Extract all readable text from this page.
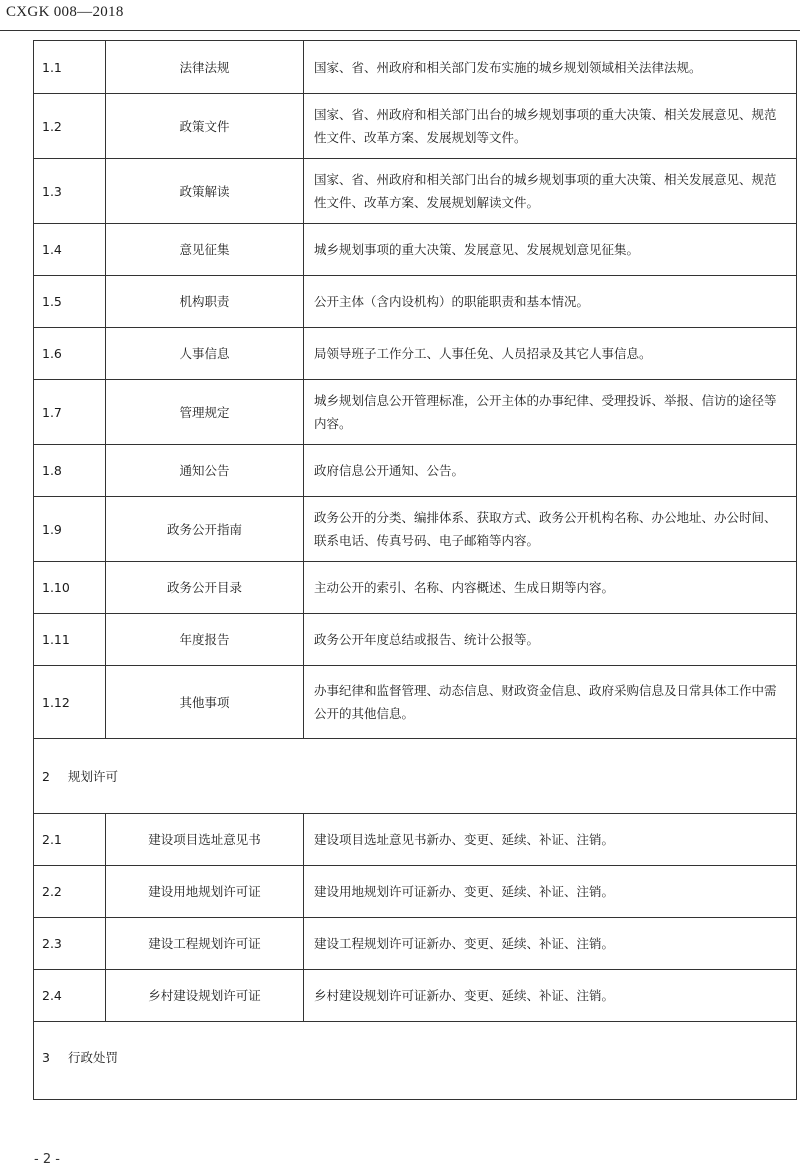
CXGK 008—2018
1.1	法律法规	国家、省、州政府和相关部门发布实施的城乡规划领域相关法律法规。
1.2	政策文件	国家、省、州政府和相关部门出台的城乡规划事项的重大决策、相关发展意见、规范性文件、改革方案、发展规划等文件。
1.3	政策解读	国家、省、州政府和相关部门出台的城乡规划事项的重大决策、相关发展意见、规范性文件、改革方案、发展规划解读文件。
1.4	意见征集	城乡规划事项的重大决策、发展意见、发展规划意见征集。
1.5	机构职责	公开主体（含内设机构）的职能职责和基本情况。
1.6	人事信息	局领导班子工作分工、人事任免、人员招录及其它人事信息。
1.7	管理规定	城乡规划信息公开管理标准，公开主体的办事纪律、受理投诉、举报、信访的途径等内容。
1.8	通知公告	政府信息公开通知、公告。
1.9	政务公开指南	政务公开的分类、编排体系、获取方式、政务公开机构名称、办公地址、办公时间、联系电话、传真号码、电子邮箱等内容。
1.10	政务公开目录	主动公开的索引、名称、内容概述、生成日期等内容。
1.11	年度报告	政务公开年度总结或报告、统计公报等。
1.12	其他事项	办事纪律和监督管理、动态信息、财政资金信息、政府采购信息及日常具体工作中需公开的其他信息。
2 规划许可		
2.1	建设项目选址意见书	建设项目选址意见书新办、变更、延续、补证、注销。
2.2	建设用地规划许可证	建设用地规划许可证新办、变更、延续、补证、注销。
2.3	建设工程规划许可证	建设工程规划许可证新办、变更、延续、补证、注销。
2.4	乡村建设规划许可证	乡村建设规划许可证新办、变更、延续、补证、注销。
3 行政处罚		
- 2 -
